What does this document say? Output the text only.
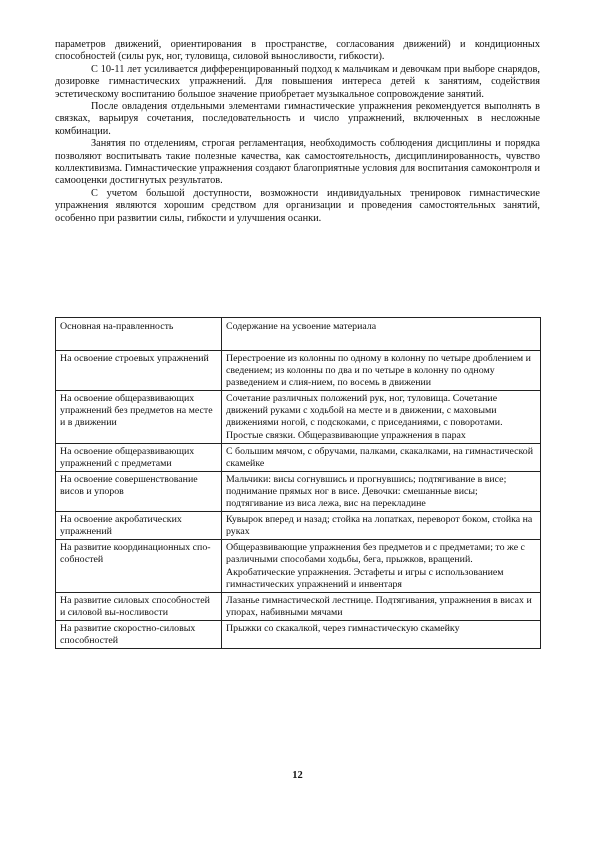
параметров движений, ориентирования в пространстве, согласования движений) и кондиционных способностей (силы рук, ног, туловища, силовой выносливости, гибкости).

С 10-11 лет усиливается дифференцированный подход к мальчикам и девочкам при выборе снарядов, дозировке гимнастических упражнений. Для повышения интереса детей к занятиям, содействия эстетическому воспитанию большое значение приобретает музыкальное сопровождение занятий.

После овладения отдельными элементами гимнастические упражнения рекомендуется выполнять в связках, варьируя сочетания, последовательность и число упражнений, включенных в несложные комбинации.

Занятия по отделениям, строгая регламентация, необходимость соблюдения дисциплины и порядка позволяют воспитывать такие полезные качества, как самостоятельность, дисциплинированность, чувство коллективизма. Гимнастические упражнения создают благоприятные условия для воспитания самоконтроля и самооценки достигнутых результатов.

С учетом большой доступности, возможности индивидуальных тренировок гимнастические упражнения являются хорошим средством для организации и проведения самостоятельных занятий, особенно при развитии силы, гибкости и улучшения осанки.

Основная на-правленность	Содержание на усвоение материала
На освоение строевых упражнений	Перестроение из колонны по одному в колонну по четыре дроблением и сведением; из колонны по два и по четыре в колонну по одному разведением и слия-нием, по восемь в движении
На освоение общеразвивающих упражнений без предметов на месте и в движении	Сочетание различных положений рук, ног, туловища. Сочетание движений руками с ходьбой на месте и в движении, с маховыми движениями ногой, с подскоками, с приседаниями, с поворотами. Простые связки. Общеразвивающие упражнения в парах
На освоение общеразвивающих упражнений с предметами	С большим мячом, с обручами, палками, скакалками, на гимнастической скамейке
На освоение совершенствование висов и упоров	Мальчики: висы согнувшись и прогнувшись; подтягивание в висе; поднимание прямых ног в висе. Девочки: смешанные висы; подтягивание из виса лежа, вис на перекладине
На освоение акробатических упражнений	Кувырок вперед и назад; стойка на лопатках, переворот боком, стойка на руках
На развитие координационных спо-собностей	Общеразвивающие упражнения без предметов и с предметами; то же с различными способами ходьбы, бега, прыжков, вращений. Акробатические упражнения. Эстафеты и игры с использованием гимнастических упражнений и инвентаря
На развитие силовых способностей и силовой вы-носливости	Лазанье гимнастической лестнице. Подтягивания, упражнения в висах и упорах, набивными мячами
На развитие скоростно-силовых способностей	Прыжки со скакалкой, через гимнастическую скамейку
12
